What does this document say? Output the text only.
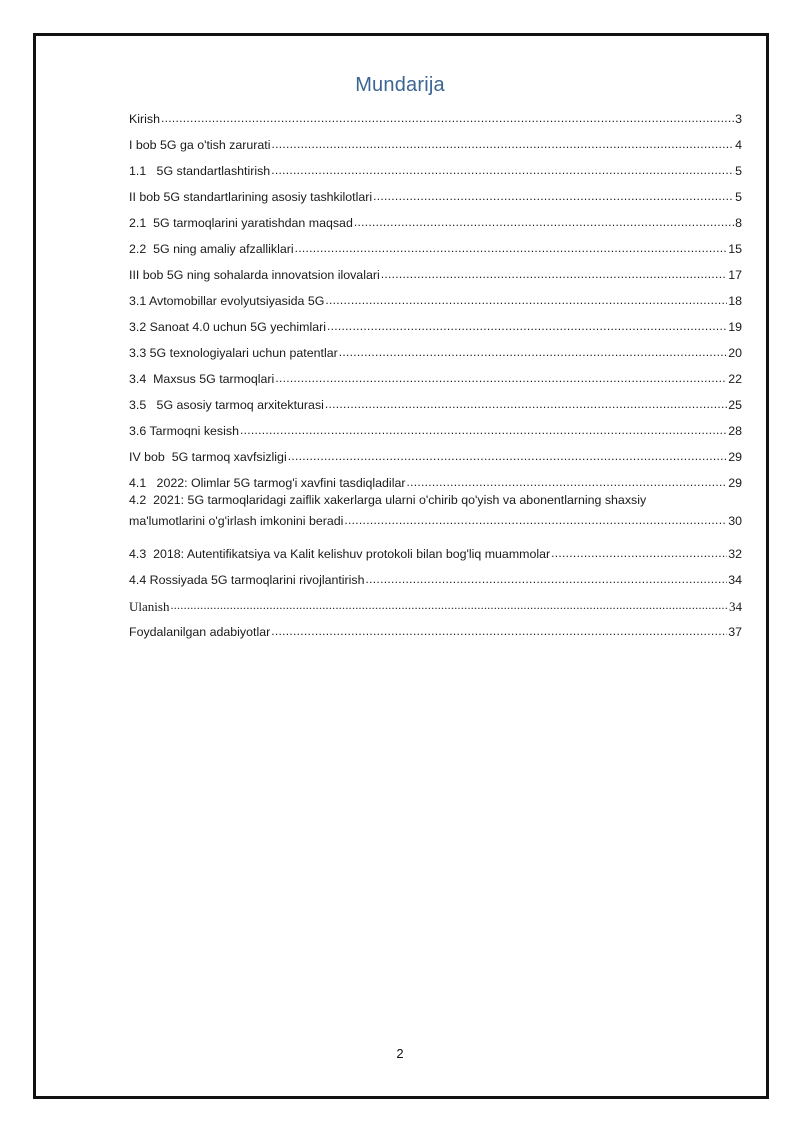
Mundarija
Kirish .....	3
I bob 5G ga o'tish zarurati .....	4
1.1   5G standartlashtirish .....	5
II bob 5G standartlarining asosiy tashkilotlari .....	5
2.1  5G tarmoqlarini yaratishdan maqsad .....	8
2.2  5G ning amaliy afzalliklari .....	15
III bob 5G ning sohalarda innovatsion ilovalari .....	17
3.1 Avtomobillar evolyutsiyasida 5G .....	18
3.2 Sanoat 4.0 uchun 5G yechimlari .....	19
3.3 5G texnologiyalari uchun patentlar .....	20
3.4  Maxsus 5G tarmoqlari .....	22
3.5   5G asosiy tarmoq arxitekturasi .....	25
3.6 Tarmoqni kesish .....	28
IV bob  5G tarmoq xavfsizligi .....	29
4.1   2022: Olimlar 5G tarmog'i xavfini tasdiqladilar .....	29
4.2  2021: 5G tarmoqlaridagi zaiflik xakerlarga ularni o'chirib qo'yish va abonentlarning shaxsiy
ma'lumotlarini o'g'irlash imkonini beradi .....	30
4.3  2018: Autentifikatsiya va Kalit kelishuv protokoli bilan bog'liq muammolar .....	32
4.4 Rossiyada 5G tarmoqlarini rivojlantirish .....	34
Ulanish .....	34
Foydalanilgan adabiyotlar .....	37
2
